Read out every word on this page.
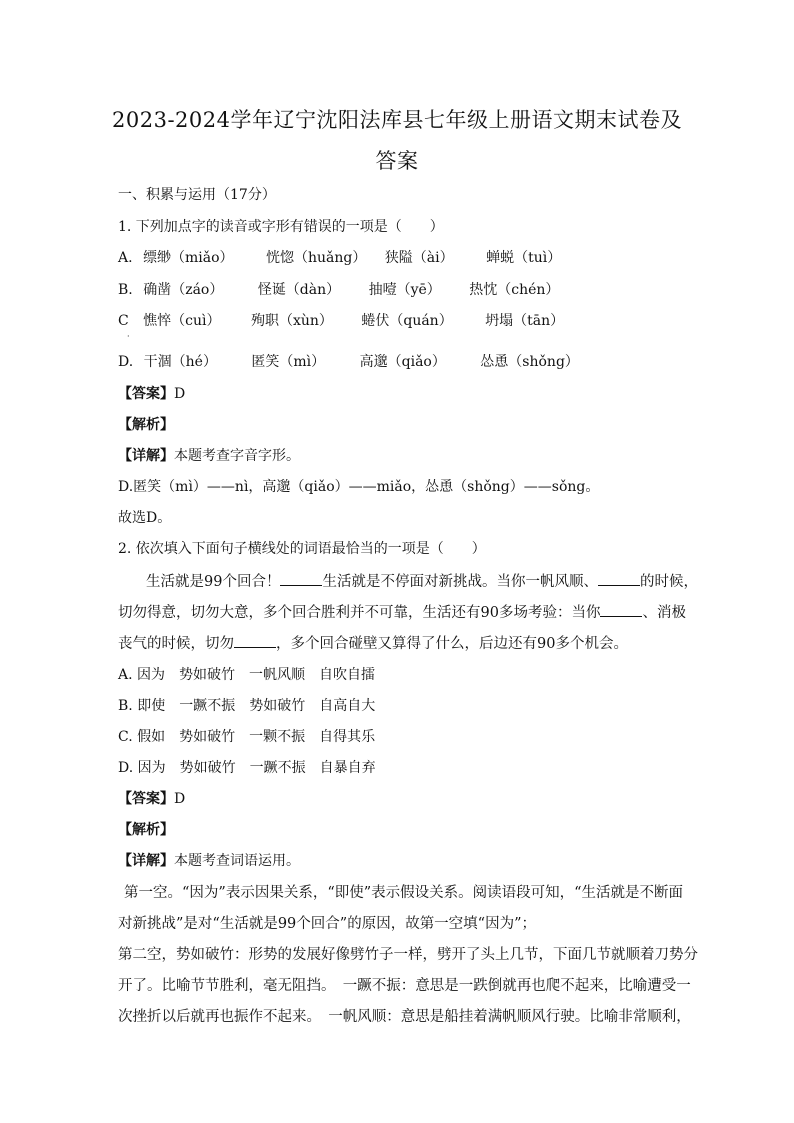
2023-2024学年辽宁沈阳法库县七年级上册语文期末试卷及
答案
一、积累与运用（17分）
1. 下列加点字的读音或字形有错误的一项是（　　）
A. 缥缈（miǎo） 恍惚（huǎng） 狭隘（ài） 蝉蜕（tuì）
B. 确凿（záo） 怪诞（dàn） 抽噎（yē） 热忱（chén）
C 憔悴（cuì） 殉职（xùn） 蜷伏（quán） 坍塌（tān）
·
D. 干涸（hé） 匿笑（mì） 高邈（qiǎo） 怂恿（shǒng）
【答案】D
【解析】
【详解】本题考查字音字形。
D.匿笑（mì）——nì，高邈（qiǎo）——miǎo，怂恿（shǒng）——sǒng。
故选D。
2. 依次填入下面句子横线处的词语最恰当的一项是（　　）
生活就是99个回合！	生活就是不停面对新挑战。当你一帆风顺、	的时候，
切勿得意，切勿大意，多个回合胜利并不可靠，生活还有90多场考验：当你	、消极
丧气的时候，切勿	，多个回合碰壁又算得了什么，后边还有90多个机会。
A. 因为　势如破竹　一帆风顺　自吹自擂
B. 即使　一蹶不振　势如破竹　自高自大
C. 假如　势如破竹　一颗不振　自得其乐
D. 因为　势如破竹　一蹶不振　自暴自弃
【答案】D
【解析】
【详解】本题考查词语运用。
第一空。“因为”表示因果关系，“即使”表示假设关系。阅读语段可知，“生活就是不断面
对新挑战”是对“生活就是99个回合”的原因，故第一空填“因为”；
第二空，势如破竹：形势的发展好像劈竹子一样，劈开了头上几节，下面几节就顺着刀势分
开了。比喻节节胜利，毫无阻挡。　一蹶不振：意思是一跌倒就再也爬不起来，比喻遭受一
次挫折以后就再也振作不起来。　一帆风顺：意思是船挂着满帆顺风行驶。比喻非常顺利，
